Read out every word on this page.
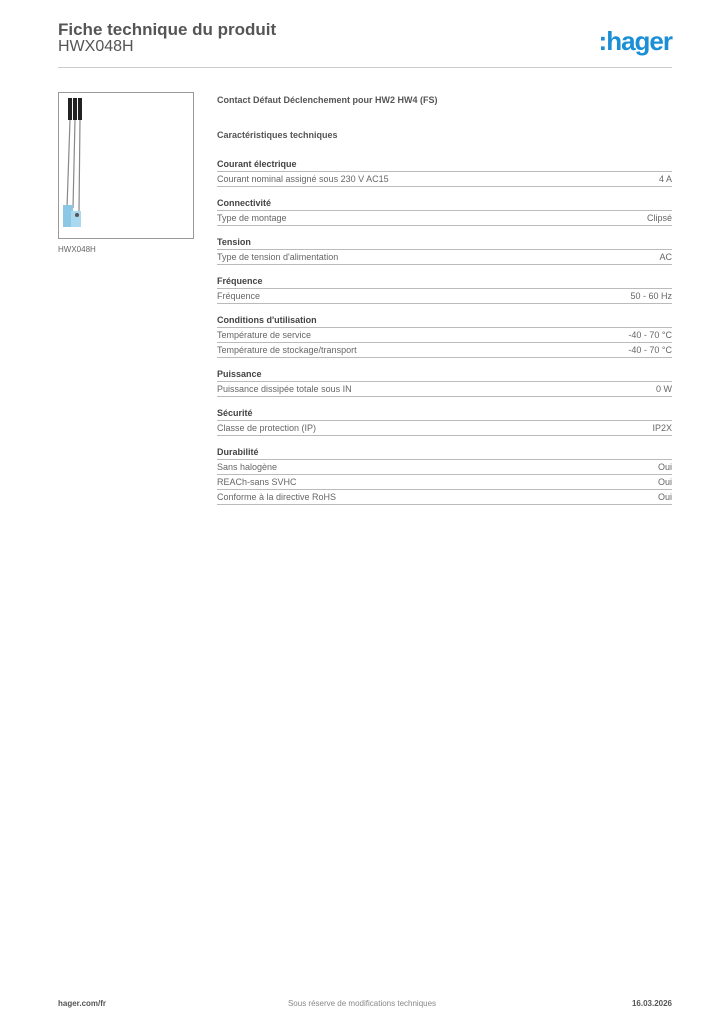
Fiche technique du produit
HWX048H	:hager
HWX048H
Contact Défaut Déclenchement pour HW2 HW4 (FS)
Caractéristiques techniques
Courant électrique
Courant nominal assigné sous 230 V AC15	4 A
Connectivité
Type de montage	Clipsé
Tension
Type de tension d'alimentation	AC
Fréquence
Fréquence	50 - 60 Hz
Conditions d'utilisation
Température de service	-40 - 70 °C
Température de stockage/transport	-40 - 70 °C
Puissance
Puissance dissipée totale sous IN	0 W
Sécurité
Classe de protection (IP)	IP2X
Durabilité
Sans halogène	Oui
REACh-sans SVHC	Oui
Conforme à la directive RoHS	Oui
hager.com/fr	Sous réserve de modifications techniques	16.03.2026
